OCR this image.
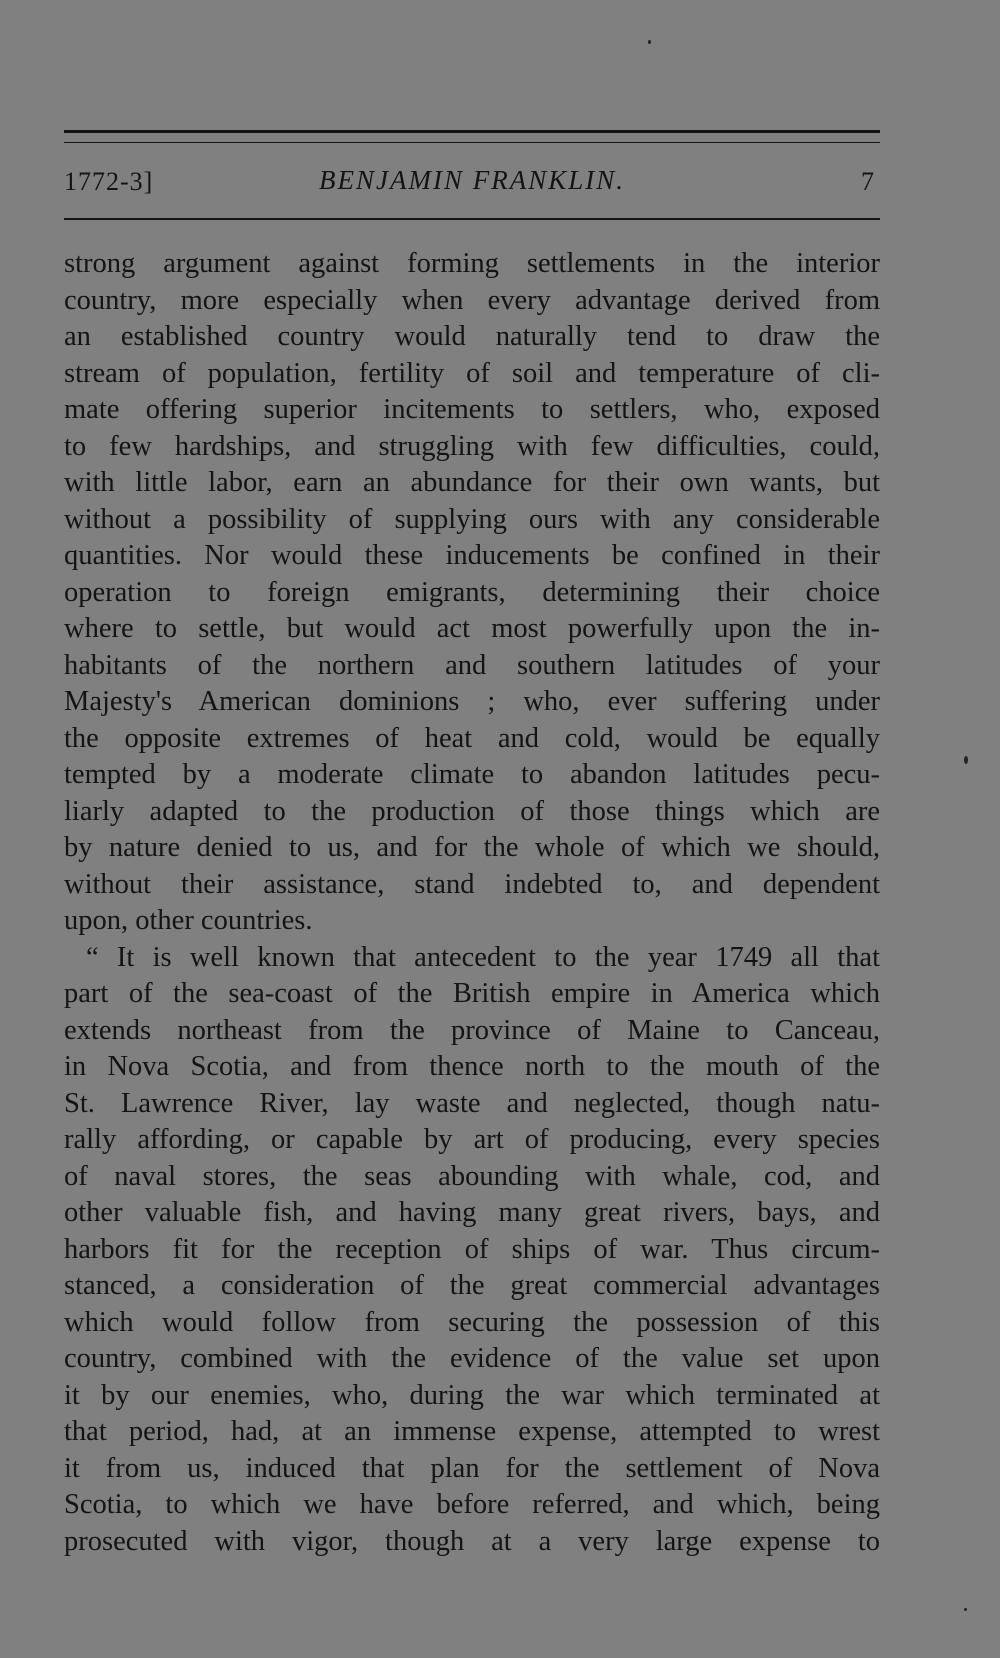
1772-3]	BENJAMIN FRANKLIN.	7
strong argument against forming settlements in the interior
country, more especially when every advantage derived from
an established country would naturally tend to draw the
stream of population, fertility of soil and temperature of cli-
mate offering superior incitements to settlers, who, exposed
to few hardships, and struggling with few difficulties, could,
with little labor, earn an abundance for their own wants, but
without a possibility of supplying ours with any considerable
quantities. Nor would these inducements be confined in their
operation to foreign emigrants, determining their choice
where to settle, but would act most powerfully upon the in-
habitants of the northern and southern latitudes of your
Majesty's American dominions ; who, ever suffering under
the opposite extremes of heat and cold, would be equally
tempted by a moderate climate to abandon latitudes pecu-
liarly adapted to the production of those things which are
by nature denied to us, and for the whole of which we should,
without their assistance, stand indebted to, and dependent
upon, other countries.
“ It is well known that antecedent to the year 1749 all that
part of the sea-coast of the British empire in America which
extends northeast from the province of Maine to Canceau,
in Nova Scotia, and from thence north to the mouth of the
St. Lawrence River, lay waste and neglected, though natu-
rally affording, or capable by art of producing, every species
of naval stores, the seas abounding with whale, cod, and
other valuable fish, and having many great rivers, bays, and
harbors fit for the reception of ships of war. Thus circum-
stanced, a consideration of the great commercial advantages
which would follow from securing the possession of this
country, combined with the evidence of the value set upon
it by our enemies, who, during the war which terminated at
that period, had, at an immense expense, attempted to wrest
it from us, induced that plan for the settlement of Nova
Scotia, to which we have before referred, and which, being
prosecuted with vigor, though at a very large expense to
